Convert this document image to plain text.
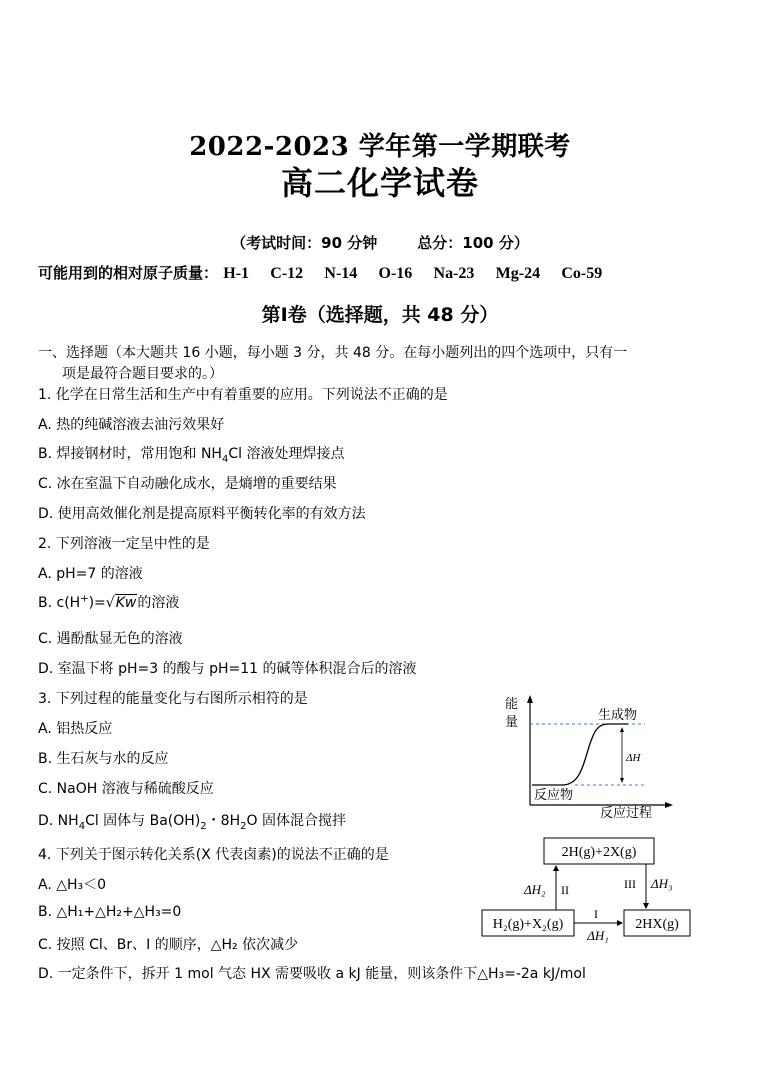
2022-2023 学年第一学期联考
高二化学试卷
（考试时间：90 分钟	总分：100 分）
可能用到的相对原子质量： H-1 C-12 N-14 O-16 Na-23 Mg-24 Co-59
第Ⅰ卷（选择题，共 48 分）
一、选择题（本大题共 16 小题，每小题 3 分，共 48 分。在每小题列出的四个选项中，只有一
项是最符合题目要求的。）
1. 化学在日常生活和生产中有着重要的应用。下列说法不正确的是
A. 热的纯碱溶液去油污效果好
B. 焊接钢材时，常用饱和 $NH_4Cl$ 溶液处理焊接点
C. 冰在室温下自动融化成水，是熵增的重要结果
D. 使用高效催化剂是提高原料平衡转化率的有效方法
2. 下列溶液一定呈中性的是
A. pH=7 的溶液
B. c(H+)=√Kw的溶液
C. 遇酚酞显无色的溶液
D. 室温下将 pH=3 的酸与 pH=11 的碱等体积混合后的溶液
3. 下列过程的能量变化与右图所示相符的是
A. 铝热反应
B. 生石灰与水的反应
C. NaOH 溶液与稀硫酸反应
D. $NH_4Cl$ 固体与 $Ba(OH)_2$・$8H_2O$ 固体混合搅拌
能
量
反应过程
ΔH
生成物
反应物
4. 下列关于图示转化关系(X 代表卤素)的说法不正确的是
A. △H₃＜0
B. △H₁+△H₂+△H₃=0
C. 按照 Cl、Br、I 的顺序，△H₂ 依次减少
D. 一定条件下，拆开 1 mol 气态 HX 需要吸收 a kJ 能量，则该条件下△H₃=-2a kJ/mol
2H(g)+2X(g)
H₂(g)+X₂(g)	2HX(g)
II
ΔH₂	III ΔH₃
I
ΔH₁
